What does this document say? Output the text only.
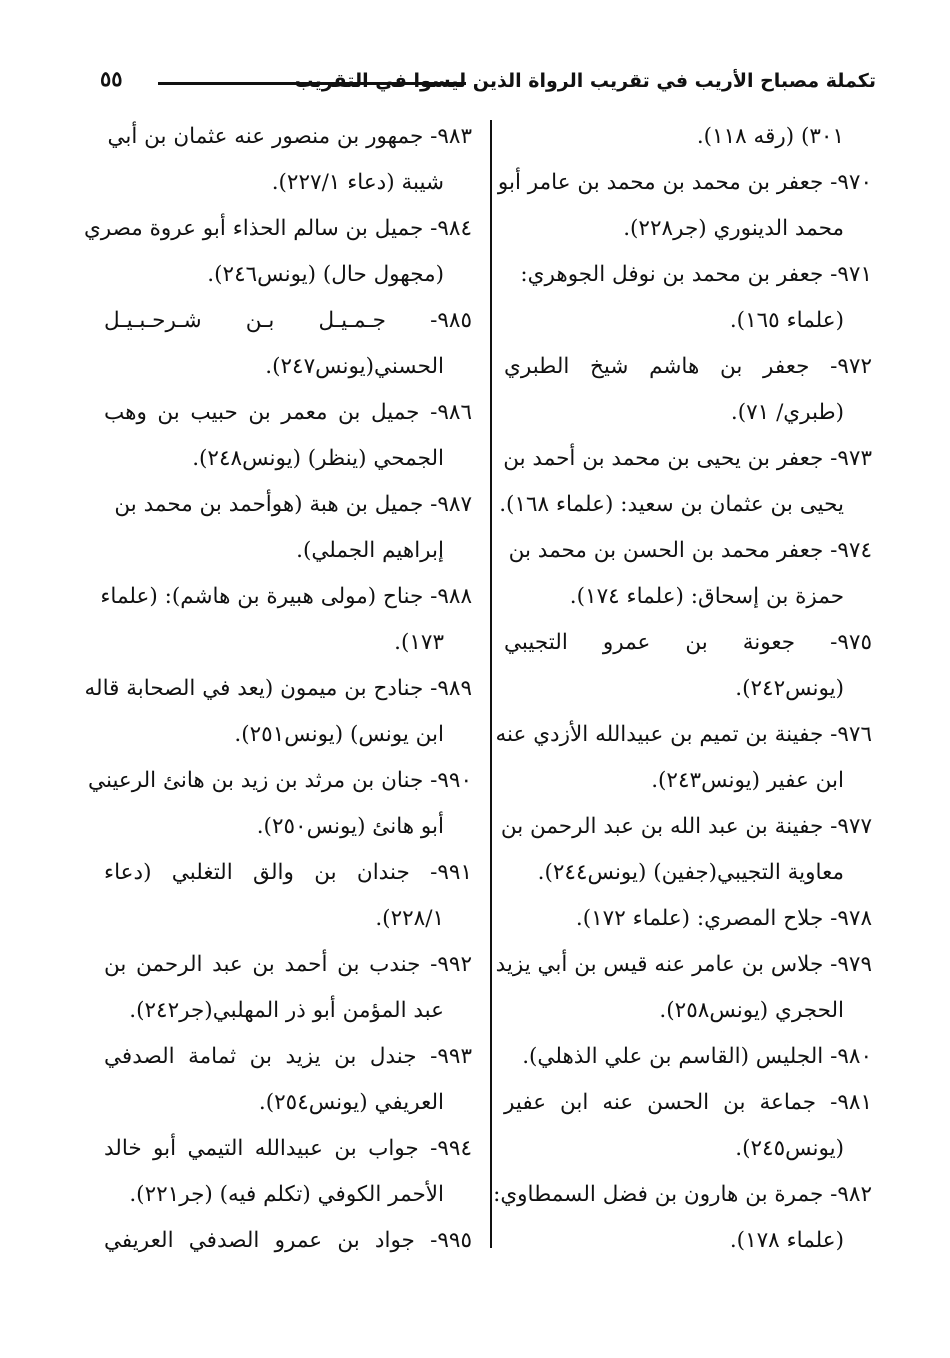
تكملة مصباح الأريب في تقريب الرواة الذين ليسوا في التقريب
٥٥
٣٠١) (رقه ١١٨).
٩٧٠- جعفر بن محمد بن محمد بن عامر أبو
محمد الدينوري (جر٢٢٨).
٩٧١- جعفر بن محمد بن نوفل الجوهري:
(علماء ١٦٥).
٩٧٢- جعفر بن هاشم شيخ الطبري
(طبري/ ٧١).
٩٧٣- جعفر بن يحيى بن محمد بن أحمد بن
يحيى بن عثمان بن سعيد: (علماء ١٦٨).
٩٧٤- جعفر محمد بن الحسن بن محمد بن
حمزة بن إسحاق: (علماء ١٧٤).
٩٧٥- جعونة بن عمرو التجيبي
(يونس٢٤٢).
٩٧٦- جفينة بن تميم بن عبيدالله الأزدي عنه
ابن عفير (يونس٢٤٣).
٩٧٧- جفينة بن عبد الله بن عبد الرحمن بن
معاوية التجيبي(جفين) (يونس٢٤٤).
٩٧٨- جلاح المصري: (علماء ١٧٢).
٩٧٩- جلاس بن عامر عنه قيس بن أبي يزيد
الحجري (يونس٢٥٨).
٩٨٠- الجليس (القاسم بن علي الذهلي).
٩٨١- جماعة بن الحسن عنه ابن عفير
(يونس٢٤٥).
٩٨٢- جمرة بن هارون بن فضل السمطاوي:
(علماء ١٧٨).
٩٨٣- جمهور بن منصور عنه عثمان بن أبي
شيبة (دعاء ٢٢٧/١).
٩٨٤- جميل بن سالم الحذاء أبو عروة مصري
(مجهول حال) (يونس٢٤٦).
٩٨٥- جـمـيـل بـن شـرحـبـيـل
الحسني(يونس٢٤٧).
٩٨٦- جميل بن معمر بن حبيب بن وهب
الجمحي (ينظر) (يونس٢٤٨).
٩٨٧- جميل بن هبة (هوأحمد بن محمد بن
إبراهيم الجملي).
٩٨٨- جناح (مولى هبيرة بن هاشم): (علماء
١٧٣).
٩٨٩- جنادح بن ميمون (يعد في الصحابة قاله
ابن يونس) (يونس٢٥١).
٩٩٠- جنان بن مرثد بن زيد بن هانئ الرعيني
أبو هانئ (يونس٢٥٠).
٩٩١- جندان بن والق التغلبي (دعاء
٢٢٨/١).
٩٩٢- جندب بن أحمد بن عبد الرحمن بن
عبد المؤمن أبو ذر المهلبي(جر٢٤٢).
٩٩٣- جندل بن يزيد بن ثمامة الصدفي
العريفي (يونس٢٥٤).
٩٩٤- جواب بن عبيدالله التيمي أبو خالد
الأحمر الكوفي (تكلم فيه) (جر٢٢١).
٩٩٥- جواد بن عمرو الصدفي العريفي
